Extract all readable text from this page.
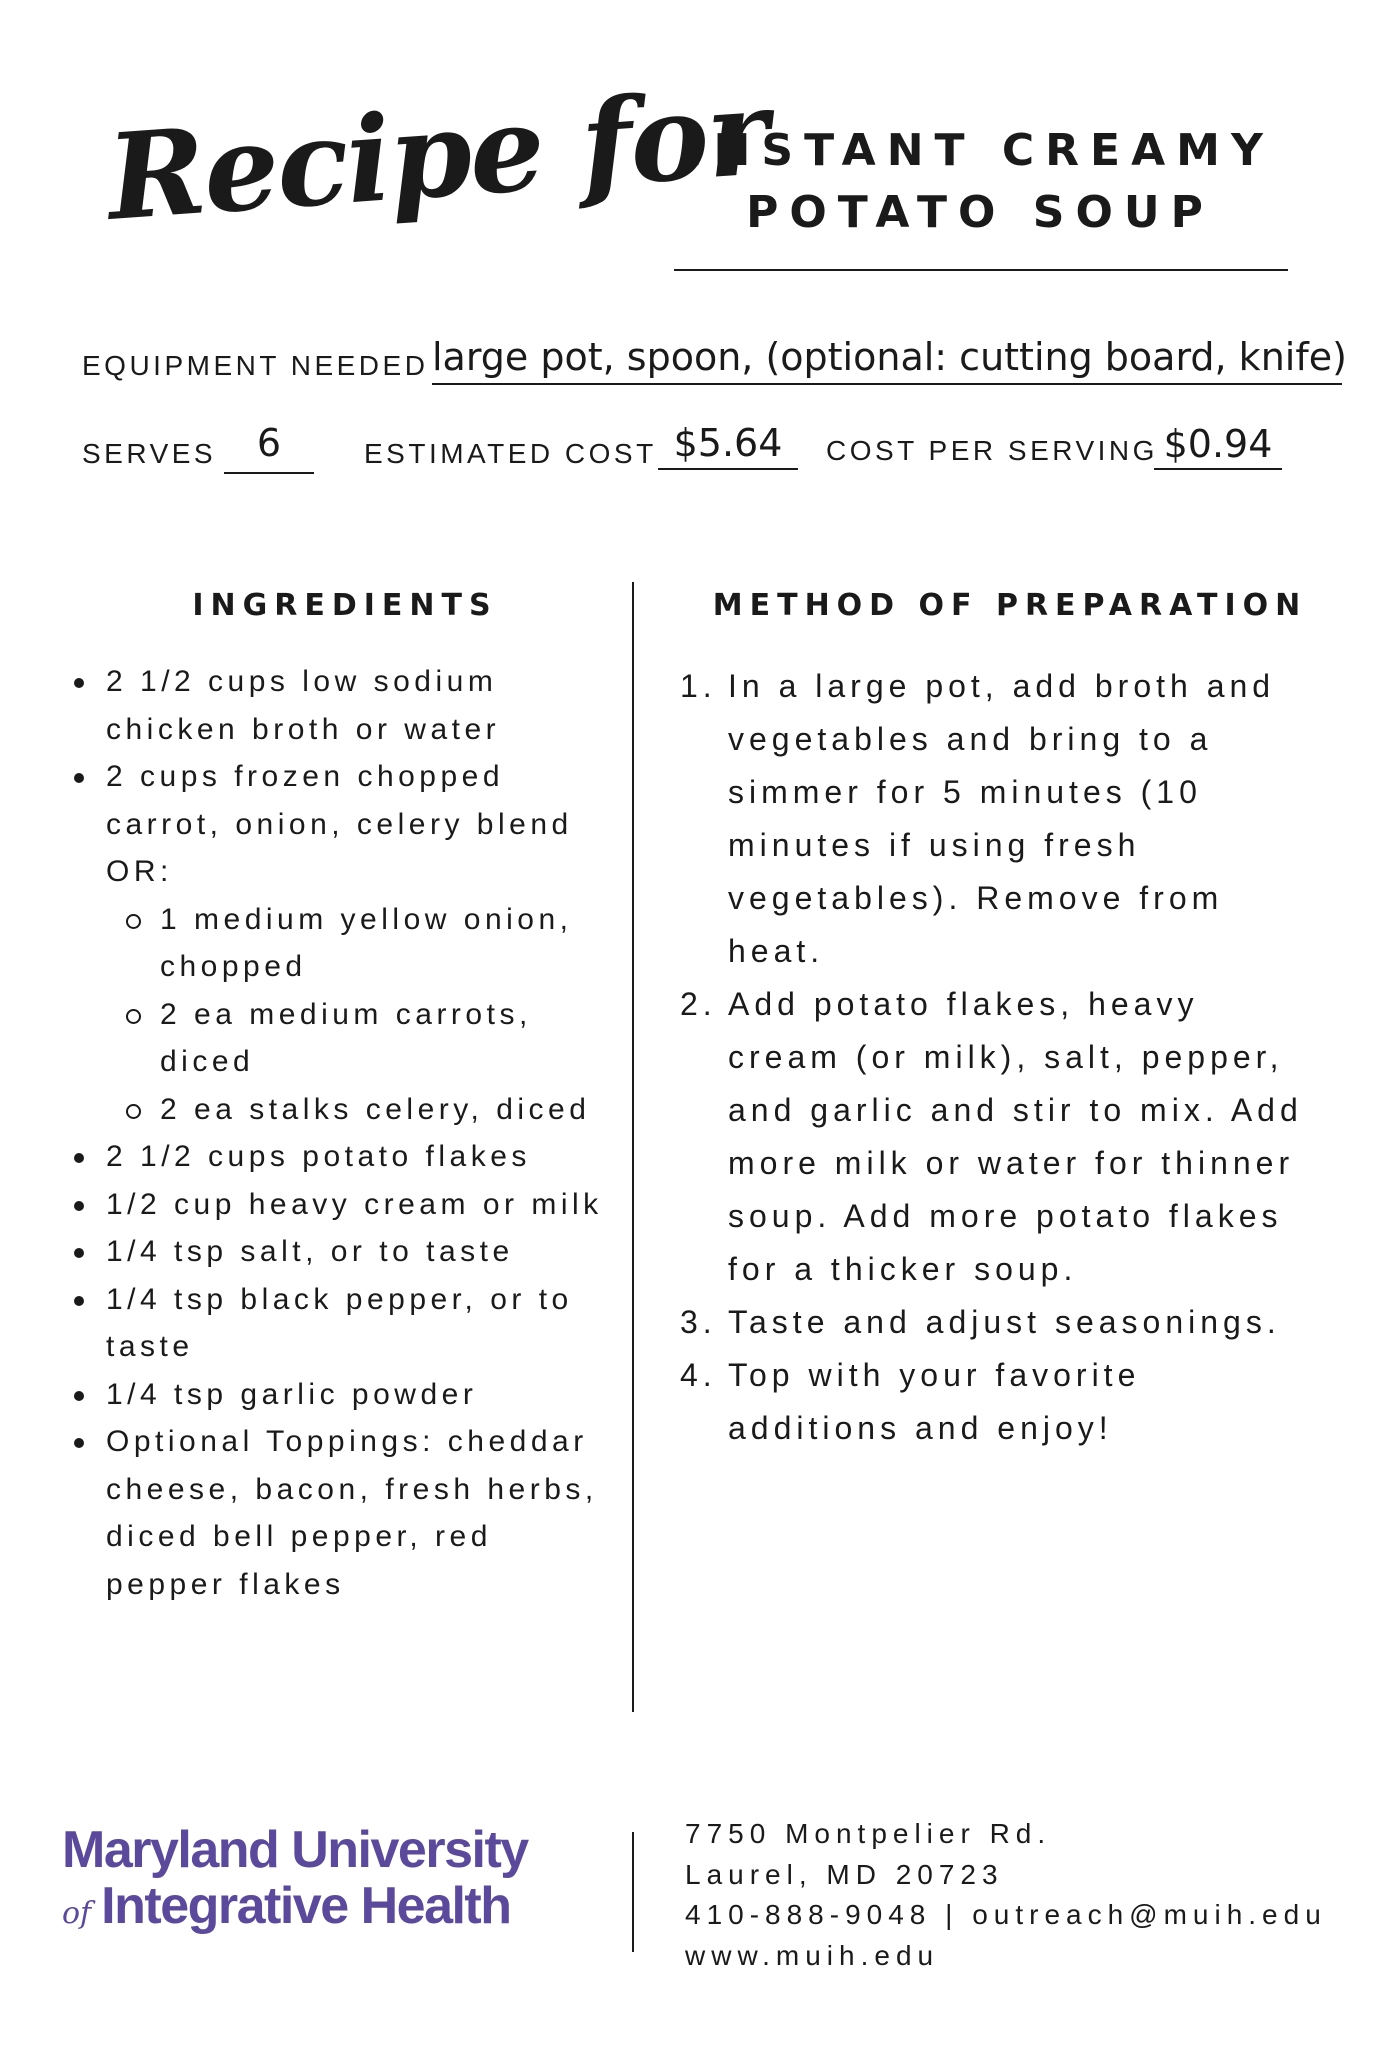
Recipe for
INSTANT CREAMY
POTATO SOUP
EQUIPMENT NEEDED large pot, spoon, (optional: cutting board, knife)
SERVES	6	ESTIMATED COST $5.64	COST PER SERVING $0.94
INGREDIENTS	METHOD OF PREPARATION
2 1/2 cups low sodium chicken broth or water
2 cups frozen chopped carrot, onion, celery blend OR:
1 medium yellow onion, chopped
2 ea medium carrots, diced
2 ea stalks celery, diced
2 1/2 cups potato flakes
1/2 cup heavy cream or milk
1/4 tsp salt, or to taste
1/4 tsp black pepper, or to taste
1/4 tsp garlic powder
Optional Toppings: cheddar cheese, bacon, fresh herbs, diced bell pepper, red pepper flakes
1. In a large pot, add broth and vegetables and bring to a simmer for 5 minutes (10 minutes if using fresh vegetables). Remove from heat.
2. Add potato flakes, heavy cream (or milk), salt, pepper, and garlic and stir to mix. Add more milk or water for thinner soup. Add more potato flakes for a thicker soup.
3. Taste and adjust seasonings.
4. Top with your favorite additions and enjoy!
Maryland University
of Integrative Health
7750 Montpelier Rd.
Laurel, MD 20723
410-888-9048 | outreach@muih.edu
www.muih.edu
